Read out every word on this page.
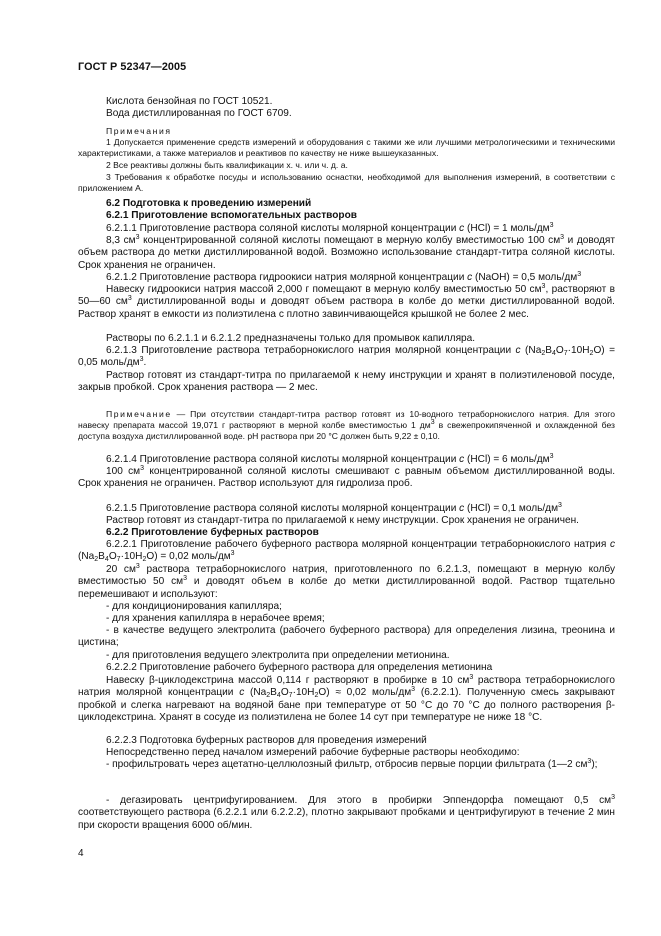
ГОСТ Р 52347—2005
Кислота бензойная по ГОСТ 10521.
Вода дистиллированная по ГОСТ 6709.
Примечания
1 Допускается применение средств измерений и оборудования с такими же или лучшими метрологическими и техническими характеристиками, а также материалов и реактивов по качеству не ниже вышеуказанных.
2 Все реактивы должны быть квалификации х. ч. или ч. д. а.
3 Требования к обработке посуды и использованию оснастки, необходимой для выполнения измерений, в соответствии с приложением А.
6.2 Подготовка к проведению измерений
6.2.1 Приготовление вспомогательных растворов
6.2.1.1 Приготовление раствора соляной кислоты молярной концентрации c (HCl) = 1 моль/$дм^3$
8,3 $см^3$ концентрированной соляной кислоты помещают в мерную колбу вместимостью 100 $см^3$ и доводят объем раствора до метки дистиллированной водой. Возможно использование стандарт-титра соляной кислоты. Срок хранения не ограничен.
6.2.1.2 Приготовление раствора гидроокиси натрия молярной концентрации c (NaOH) = 0,5 моль/$дм^3$
Навеску гидроокиси натрия массой 2,000 г помещают в мерную колбу вместимостью 50 $см^3$, растворяют в 50—60 $см^3$ дистиллированной воды и доводят объем раствора в колбе до метки дистиллированной водой. Раствор хранят в емкости из полиэтилена с плотно завинчивающейся крышкой не более 2 мес.
Растворы по 6.2.1.1 и 6.2.1.2 предназначены только для промывок капилляра.
6.2.1.3 Приготовление раствора тетраборнокислого натрия молярной концентрации c $(Na_2B_4O_7\cdot 10H_2O) = 0,05$ моль/$дм^3$.
Раствор готовят из стандарт-титра по прилагаемой к нему инструкции и хранят в полиэтиленовой посуде, закрыв пробкой. Срок хранения раствора — 2 мес.
Примечание — При отсутствии стандарт-титра раствор готовят из 10-водного тетраборнокислого натрия. Для этого навеску препарата массой 19,071 г растворяют в мерной колбе вместимостью 1 $дм^3$ в свежепрокипяченной и охлажденной без доступа воздуха дистиллированной воде. pH раствора при 20 °С должен быть 9,22 ± 0,10.
6.2.1.4 Приготовление раствора соляной кислоты молярной концентрации c (HCl) = 6 моль/$дм^3$
100 $см^3$ концентрированной соляной кислоты смешивают с равным объемом дистиллированной воды. Срок хранения не ограничен. Раствор используют для гидролиза проб.
6.2.1.5 Приготовление раствора соляной кислоты молярной концентрации c (HCl) = 0,1 моль/$дм^3$
Раствор готовят из стандарт-титра по прилагаемой к нему инструкции. Срок хранения не ограничен.
6.2.2 Приготовление буферных растворов
6.2.2.1 Приготовление рабочего буферного раствора молярной концентрации тетраборнокислого натрия c $(Na_2B_4O_7\cdot 10H_2O) = 0,02$ моль/$дм^3$
20 $см^3$ раствора тетраборнокислого натрия, приготовленного по 6.2.1.3, помещают в мерную колбу вместимостью 50 $см^3$ и доводят объем в колбе до метки дистиллированной водой. Раствор тщательно перемешивают и используют:
- для кондиционирования капилляра;
- для хранения капилляра в нерабочее время;
- в качестве ведущего электролита (рабочего буферного раствора) для определения лизина, треонина и цистина;
- для приготовления ведущего электролита при определении метионина.
6.2.2.2 Приготовление рабочего буферного раствора для определения метионина
Навеску β-циклодекстрина массой 0,114 г растворяют в пробирке в 10 $см^3$ раствора тетраборнокислого натрия молярной концентрации c $(Na_2B_4O_7\cdot 10H_2O) \approx 0,02$ моль/$дм^3$ (6.2.2.1). Полученную смесь закрывают пробкой и слегка нагревают на водяной бане при температуре от 50 °С до 70 °С до полного растворения β-циклодекстрина. Хранят в сосуде из полиэтилена не более 14 сут при температуре не ниже 18 °С.
6.2.2.3 Подготовка буферных растворов для проведения измерений
Непосредственно перед началом измерений рабочие буферные растворы необходимо:
- профильтровать через ацетатно-целлюлозный фильтр, отбросив первые порции фильтрата (1—2 $см^3$);
- дегазировать центрифугированием. Для этого в пробирки Эппендорфа помещают 0,5 $см^3$ соответствующего раствора (6.2.2.1 или 6.2.2.2), плотно закрывают пробками и центрифугируют в течение 2 мин при скорости вращения 6000 об/мин.
4
